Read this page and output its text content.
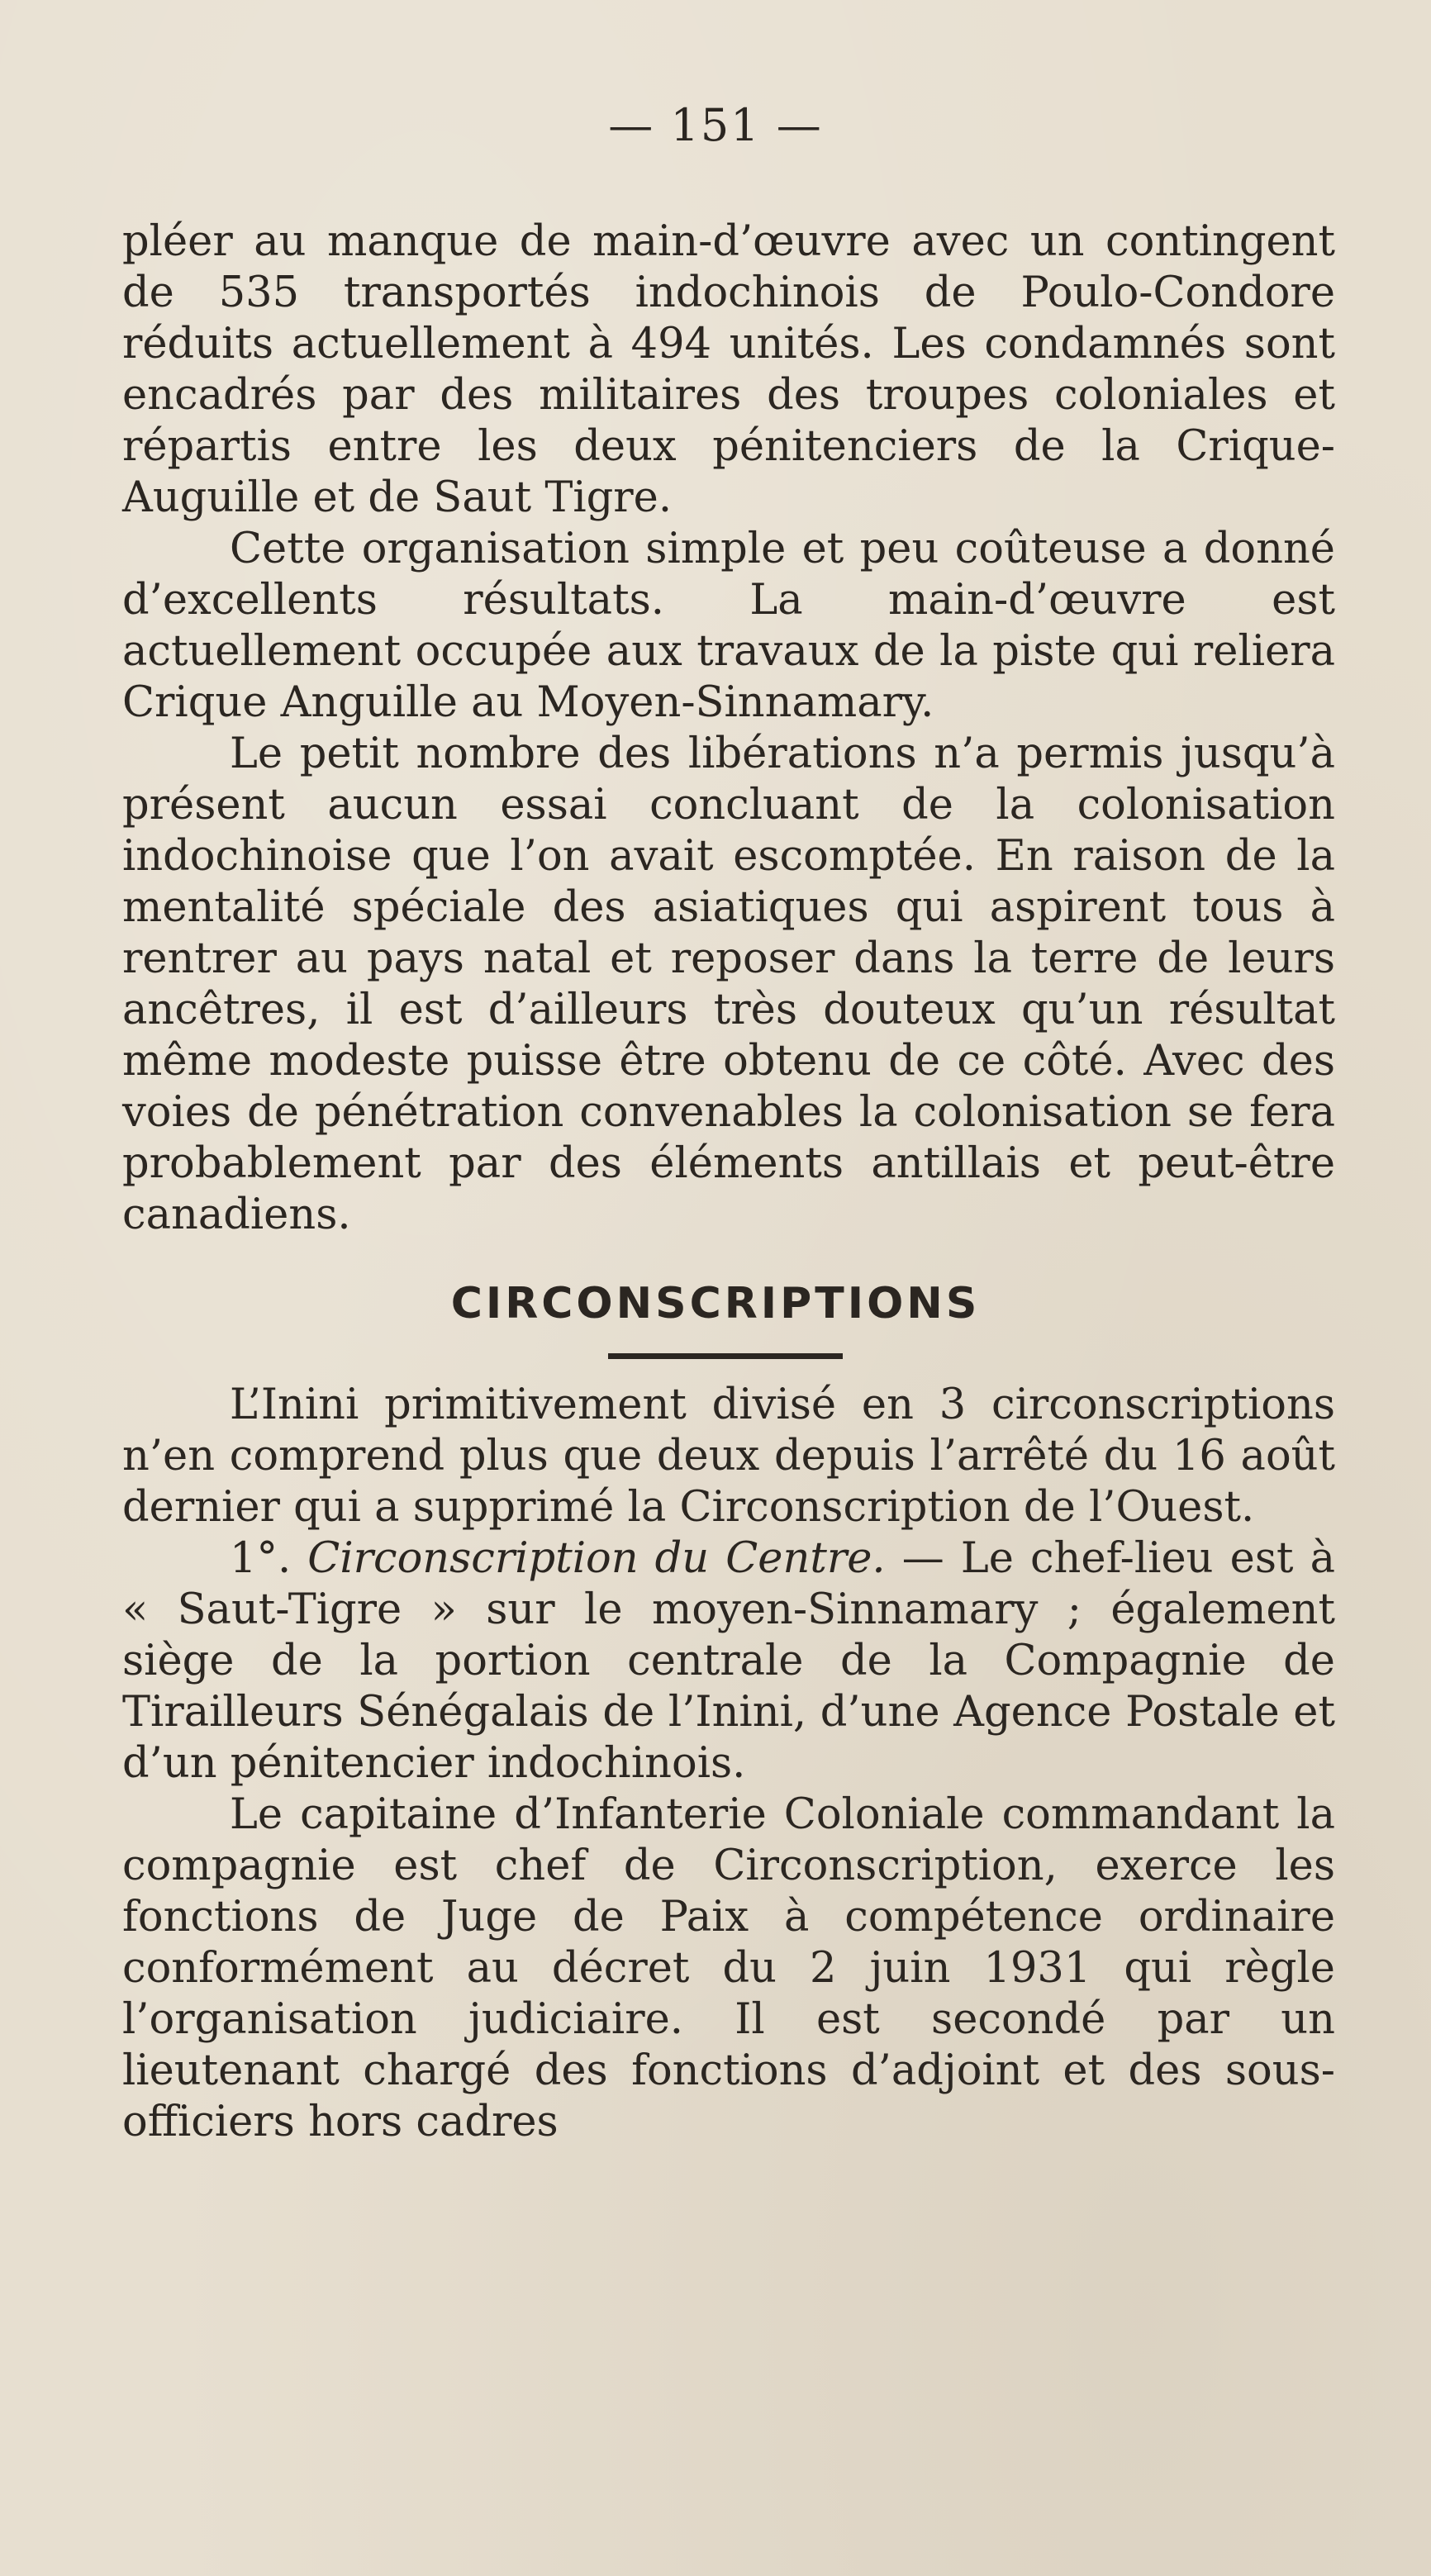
— 151 —

pléer au manque de main-d’œuvre avec un contingent de 535 transportés indochinois de Poulo-Condore réduits actuellement à 494 unités. Les condamnés sont encadrés par des militaires des troupes coloniales et répartis entre les deux pénitenciers de la Crique-Auguille et de Saut Tigre.

Cette organisation simple et peu coûteuse a donné d’excellents résultats. La main-d’œuvre est actuellement occupée aux travaux de la piste qui reliera Crique Anguille au Moyen-Sinnamary.

Le petit nombre des libérations n’a permis jusqu’à présent aucun essai concluant de la colonisation indochinoise que l’on avait escomptée. En raison de la mentalité spéciale des asiatiques qui aspirent tous à rentrer au pays natal et reposer dans la terre de leurs ancêtres, il est d’ailleurs très douteux qu’un résultat même modeste puisse être obtenu de ce côté. Avec des voies de pénétration convenables la colonisation se fera probablement par des éléments antillais et peut-être canadiens.

CIRCONSCRIPTIONS

L’Inini primitivement divisé en 3 circonscriptions n’en comprend plus que deux depuis l’arrêté du 16 août dernier qui a supprimé la Circonscription de l’Ouest.

1°. Circonscription du Centre. — Le chef-lieu est à « Saut-Tigre » sur le moyen-Sinnamary ; également siège de la portion centrale de la Compagnie de Tirailleurs Sénégalais de l’Inini, d’une Agence Postale et d’un pénitencier indochinois.

Le capitaine d’Infanterie Coloniale commandant la compagnie est chef de Circonscription, exerce les fonctions de Juge de Paix à compétence ordinaire conformément au décret du 2 juin 1931 qui règle l’organisation judiciaire. Il est secondé par un lieutenant chargé des fonctions d’adjoint et des sous-officiers hors cadres
